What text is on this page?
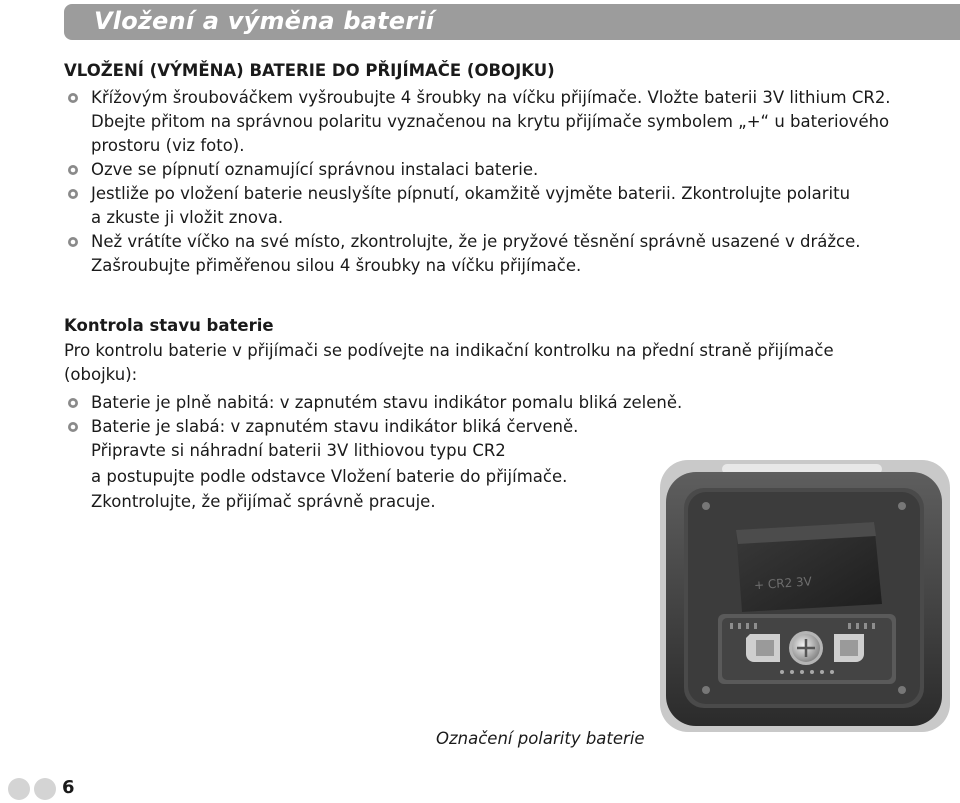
Vložení a výměna baterií
VLOŽENÍ (VÝMĚNA) BATERIE DO PŘIJÍMAČE (OBOJKU)
Křížovým šroubováčkem vyšroubujte 4 šroubky na víčku přijímače. Vložte baterii 3V lithium CR2.
Dbejte přitom na správnou polaritu vyznačenou na krytu přijímače symbolem „+“ u bateriového
prostoru (viz foto).
Ozve se pípnutí oznamující správnou instalaci baterie.
Jestliže po vložení baterie neuslyšíte pípnutí, okamžitě vyjměte baterii. Zkontrolujte polaritu
a zkuste ji vložit znova.
Než vrátíte víčko na své místo, zkontrolujte, že je pryžové těsnění správně usazené v drážce.
Zašroubujte přiměřenou silou 4 šroubky na víčku přijímače.
Kontrola stavu baterie
Pro kontrolu baterie v přijímači se podívejte na indikační kontrolku na přední straně přijímače
(obojku):
Baterie je plně nabitá: v zapnutém stavu indikátor pomalu bliká zeleně.
Baterie je slabá: v zapnutém stavu indikátor bliká červeně.
Připravte si náhradní baterii 3V lithiovou typu CR2
a postupujte podle odstavce Vložení baterie do přijímače.
Zkontrolujte, že přijímač správně pracuje.
+ CR2 3V
Označení polarity baterie
6
